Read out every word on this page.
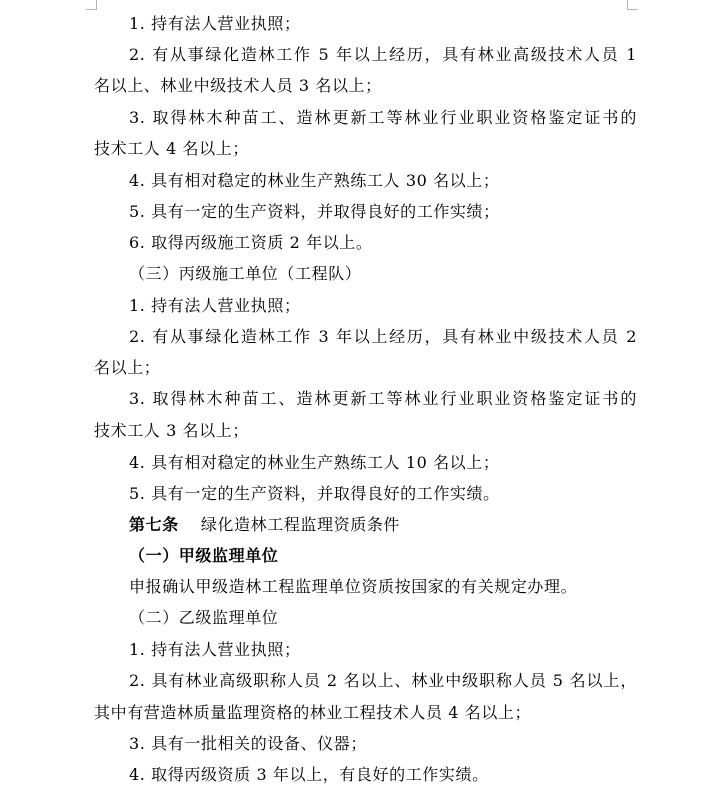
1. 持有法人营业执照；
2. 有从事绿化造林工作 5 年以上经历，具有林业高级技术人员 1
名以上、林业中级技术人员 3 名以上；
3. 取得林木种苗工、造林更新工等林业行业职业资格鉴定证书的
技术工人 4 名以上；
4. 具有相对稳定的林业生产熟练工人 30 名以上；
5. 具有一定的生产资料，并取得良好的工作实绩；
6. 取得丙级施工资质 2 年以上。
（三）丙级施工单位（工程队）
1. 持有法人营业执照；
2. 有从事绿化造林工作 3 年以上经历，具有林业中级技术人员 2
名以上；
3. 取得林木种苗工、造林更新工等林业行业职业资格鉴定证书的
技术工人 3 名以上；
4. 具有相对稳定的林业生产熟练工人 10 名以上；
5. 具有一定的生产资料，并取得良好的工作实绩。
第七条 绿化造林工程监理资质条件
（一）甲级监理单位
申报确认甲级造林工程监理单位资质按国家的有关规定办理。
（二）乙级监理单位
1. 持有法人营业执照；
2. 具有林业高级职称人员 2 名以上、林业中级职称人员 5 名以上，
其中有营造林质量监理资格的林业工程技术人员 4 名以上；
3. 具有一批相关的设备、仪器；
4. 取得丙级资质 3 年以上，有良好的工作实绩。
